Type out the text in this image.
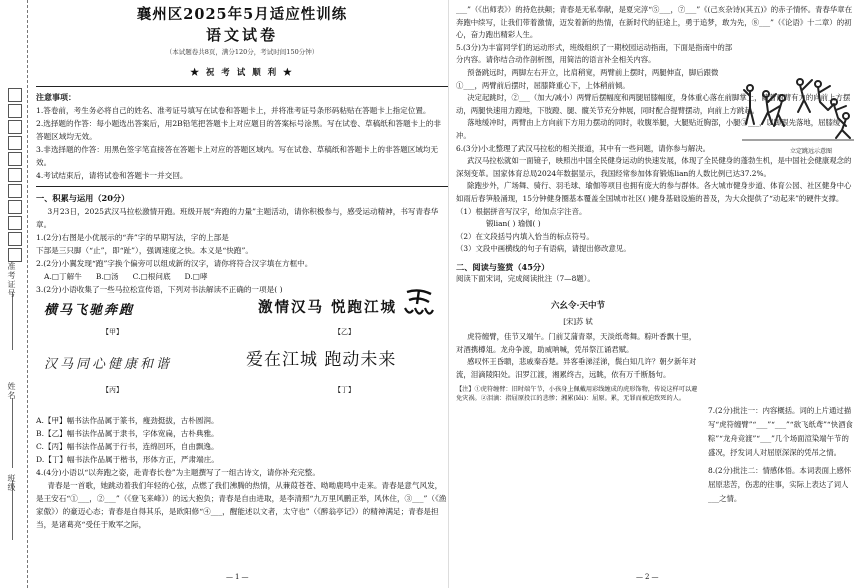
准考证号
姓名
班级
襄州区2025年5月适应性训练
语文试卷
（本试题卷共8页，满分120分，考试时间150分钟）
★ 祝 考 试 顺 利 ★
注意事项：

1.答卷前，考生务必将自己的姓名、准考证号填写在试卷和答题卡上，并将准考证号条形码粘贴在答题卡上指定位置。

2.选择题的作答：每小题选出答案后，用2B铅笔把答题卡上对应题目的答案标号涂黑。写在试卷、草稿纸和答题卡上的非答题区域均无效。

3.非选择题的作答：用黑色签字笔直接答在答题卡上对应的答题区域内。写在试卷、草稿纸和答题卡上的非答题区域均无效。

4.考试结束后，请将试卷和答题卡一并交回。

一、积累与运用（20分）

3月23日，2025武汉马拉松激情开跑。班级开展“奔跑的力量”主题活动，请你积极参与，感受运动精神，书写青春华章。

1.(2分)右图是小优展示的“奔”字的早期写法，字的上部是

下部是三只脚（“止”，即“趾”），强调速度之快。本义是“快跑”。

2.(2分)小翼发现“跑”字换个偏旁可以组成新的汉字，请你将符合汉字填在方框中。

A.□丁解牛 B.□汤 C.□根问底 D.□哮

3.(2分)小语收集了一些马拉松宣传语，下列对书法解读不正确的一项是( )

横马飞驰奔跑	激情汉马 悦跑江城
汉马同心健康和谐	爱在江城 跑动未来
【甲】	【乙】
【丙】	【丁】

A.【甲】幅书法作品属于篆书，瘦劲挺拔，古朴圆润。

B.【乙】幅书法作品属于隶书，字体宽扁，古朴典雅。

C.【丙】幅书法作品属于行书，连绵回环，自由飘逸。

D.【丁】幅书法作品属于楷书，形体方正，严肃端庄。

4.(4分)小语以“以奔跑之姿，赴青春长卷”为主题撰写了一组古诗文，请你补充完整。

青春是一首歌，她跳动着我们年轻的心弦，点燃了我们沸腾的热情，从蒹葭苍苍、呦呦鹿鸣中走来。青春是意气风发，是王安石“①___，②___”（《登飞来峰》）的远大抱负；青春是自由进取，是李清照“九万里风鹏正举，风休住，③___”（《渔家傲》）的豪迈心态；青春是自得其乐，是欧阳修“④___，醒能述以文者，太守也”（《醉翁亭记》）的精神满足；青春是担当，是诸葛亮“受任于败军之际，

—1—

___”（《出师表》）的持危扶颠；青春是无私奉献，是夏完淳“⑤___，⑦___”《(己亥杂诗)(其五)》的赤子情怀。青春华章在奔跑中续写，让我们带着激情，迈发着新的热情，在新时代的征途上，勇于追梦，敢为先，⑧___”（《论语》十二章）的初心，奋力跑出精彩人生。

5.(3分)为丰富同学们的运动形式，班级组织了一期校园运动指南，下面是指南中的部分内容。请你结合动作剖析图，用简洁的语言补全相关内容。

立定跳远示意图

预备跳远时，两脚左右开立，比肩稍宽，两臂前上摆时，两腿伸直，脚后跟微①___，两臂前后摆时，屈膝降重心下，上体稍前倾。

决定起跳时，②___（加大/减小）两臂后摆幅度和两腿屈膝幅度，身体重心落在前脚掌上，随着两臂有力的向前上方摆动，两腿快速用力蹬地，下肢蹬、腿、髋关节充分伸展，同时配合提臂摆动，向前上方跳起。

落地缓冲时，两臂由上方向前下方用力摆动的同时，收腹举腿，大腿贴近胸部，小腿③___，以脚跟先落地，屈膝缓冲。

6.(3分)小北整理了武汉马拉松的相关报道，其中有一些问题，请你参与解决。

武汉马拉松就如一面镜子，映照出中国全民健身运动的快速发展，体现了全民健身的蓬勃生机，是中国社会健康观念的深刻变革。国家体育总局2024年数据显示，我国经常参加体育锻炼lian的人数比例已达37.2%。

除跑步外，广场舞、骑行、羽毛球、瑜伽等项目也拥有庞大的参与群体。各大城市健身步道、体育公园、社区健身中心如雨后春笋般涌现，15分钟健身圈基本覆盖全国城市社区( )健身基础设施的普及，为大众提供了“动起来”的硬件支撑。

（1）根据拼音写汉字，给加点字注音。

锻lian( ) 瑜伽( )

（2）在文段括号内填入恰当的标点符号。

（3）文段中画横线的句子有语病，请提出修改意见。

二、阅读与鉴赏（45分）

阅读下面宋词，完成阅读批注（7—8题）。

六幺令·天中节
[宋]苏 轼

虎符缠臂，佳节又端午。门前艾蒲青翠，天淡纸鸢舞。粽叶香飘十里，对酒携樽俎。龙舟争渡，助威呐喊，凭吊祭江诵君赋。

感叹怀王昏聩，悲戚秦吞楚。异客垂涕淫涕，鬓白知几许？朝夕新年对流，泪滴陵阳处。汨罗江渡，湘累终古，远眺，依有万千断肠句。

【注】①虎符缠臂：旧时端午节，小孩身上佩戴用彩线缠成的虎形饰物，传说这样可以避免灾祸。②泪滴：指屈原投江的悲惨；湘累(lěi)：屈原。累，无罪而被迫致死的人。

7.(2分)批注一：内容概括。词的上片通过描写“虎符缠臂”“___”“___”“欲飞纸鸢”“快酒食粽”“龙舟竞渡”“___”几个场面渲染端午节的盛况，抒发词人对屈原深深的凭吊之情。

8.(2分)批注二：情感体悟。本词表面上感怀屈原悲苦，伤悲的往事，实际上表达了词人___之情。

—2—
